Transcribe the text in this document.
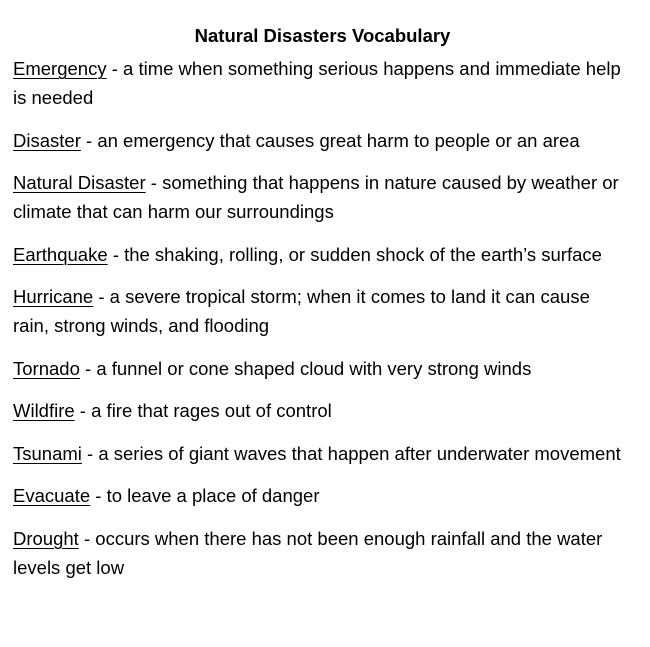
Natural Disasters Vocabulary
Emergency - a time when something serious happens and immediate help is needed
Disaster - an emergency that causes great harm to people or an area
Natural Disaster - something that happens in nature caused by weather or climate that can harm our surroundings
Earthquake - the shaking, rolling, or sudden shock of the earth’s surface
Hurricane - a severe tropical storm; when it comes to land it can cause rain, strong winds, and flooding
Tornado - a funnel or cone shaped cloud with very strong winds
Wildfire - a fire that rages out of control
Tsunami - a series of giant waves that happen after underwater movement
Evacuate - to leave a place of danger
Drought - occurs when there has not been enough rainfall and the water levels get low
